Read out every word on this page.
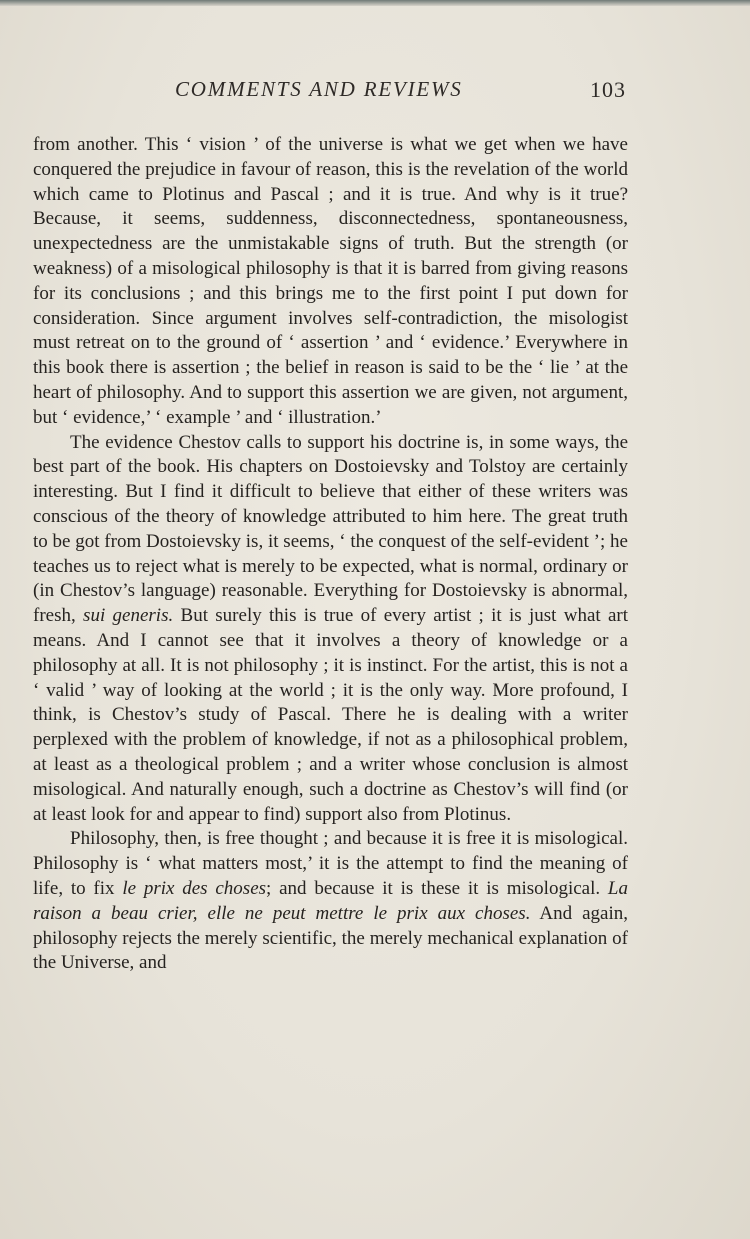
COMMENTS AND REVIEWS	103

from another. This ‘ vision ’ of the universe is what we get when we have conquered the prejudice in favour of reason, this is the revelation of the world which came to Plotinus and Pascal ; and it is true. And why is it true? Because, it seems, suddenness, disconnectedness, spontaneousness, unexpectedness are the unmistakable signs of truth. But the strength (or weakness) of a misological philosophy is that it is barred from giving reasons for its conclusions ; and this brings me to the first point I put down for consideration. Since argument involves self-contradiction, the misologist must retreat on to the ground of ‘ assertion ’ and ‘ evidence.’ Everywhere in this book there is assertion ; the belief in reason is said to be the ‘ lie ’ at the heart of philosophy. And to support this assertion we are given, not argument, but ‘ evidence,’ ‘ example ’ and ‘ illustration.’

The evidence Chestov calls to support his doctrine is, in some ways, the best part of the book. His chapters on Dostoievsky and Tolstoy are certainly interesting. But I find it difficult to believe that either of these writers was conscious of the theory of knowledge attributed to him here. The great truth to be got from Dostoievsky is, it seems, ‘ the conquest of the self-evident ’; he teaches us to reject what is merely to be expected, what is normal, ordinary or (in Chestov’s language) reasonable. Everything for Dostoievsky is abnormal, fresh, sui generis. But surely this is true of every artist ; it is just what art means. And I cannot see that it involves a theory of knowledge or a philosophy at all. It is not philosophy ; it is instinct. For the artist, this is not a ‘ valid ’ way of looking at the world ; it is the only way. More profound, I think, is Chestov’s study of Pascal. There he is dealing with a writer perplexed with the problem of knowledge, if not as a philosophical problem, at least as a theological problem ; and a writer whose conclusion is almost misological. And naturally enough, such a doctrine as Chestov’s will find (or at least look for and appear to find) support also from Plotinus.

Philosophy, then, is free thought ; and because it is free it is misological. Philosophy is ‘ what matters most,’ it is the attempt to find the meaning of life, to fix le prix des choses; and because it is these it is misological. La raison a beau crier, elle ne peut mettre le prix aux choses. And again, philosophy rejects the merely scientific, the merely mechanical explanation of the Universe, and
